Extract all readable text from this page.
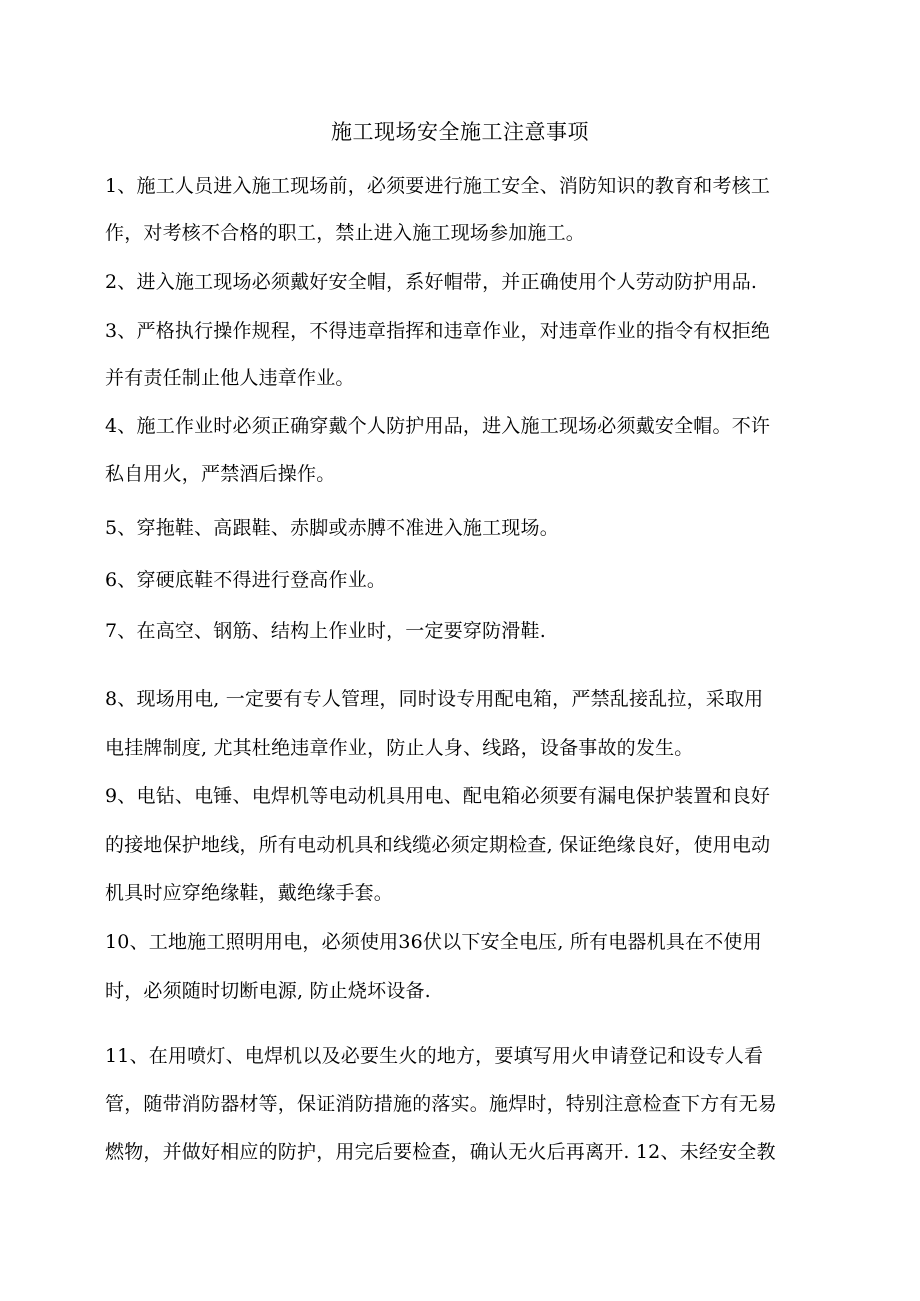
施工现场安全施工注意事项
1、施工人员进入施工现场前，必须要进行施工安全、消防知识的教育和考核工
作，对考核不合格的职工，禁止进入施工现场参加施工。
2、进入施工现场必须戴好安全帽，系好帽带，并正确使用个人劳动防护用品.
3、严格执行操作规程，不得违章指挥和违章作业，对违章作业的指令有权拒绝
并有责任制止他人违章作业。
4、施工作业时必须正确穿戴个人防护用品，进入施工现场必须戴安全帽。不许
私自用火，严禁酒后操作。
5、穿拖鞋、高跟鞋、赤脚或赤膊不准进入施工现场。
6、穿硬底鞋不得进行登高作业。
7、在高空、钢筋、结构上作业时，一定要穿防滑鞋.
8、现场用电, 一定要有专人管理，同时设专用配电箱，严禁乱接乱拉，采取用
电挂牌制度, 尤其杜绝违章作业，防止人身、线路，设备事故的发生。
9、电钻、电锤、电焊机等电动机具用电、配电箱必须要有漏电保护装置和良好
的接地保护地线，所有电动机具和线缆必须定期检查, 保证绝缘良好，使用电动
机具时应穿绝缘鞋，戴绝缘手套。
10、工地施工照明用电，必须使用36伏以下安全电压, 所有电器机具在不使用
时，必须随时切断电源, 防止烧坏设备.
11、在用喷灯、电焊机以及必要生火的地方，要填写用火申请登记和设专人看
管，随带消防器材等，保证消防措施的落实。施焊时，特别注意检查下方有无易
燃物，并做好相应的防护，用完后要检查，确认无火后再离开. 12、未经安全教
